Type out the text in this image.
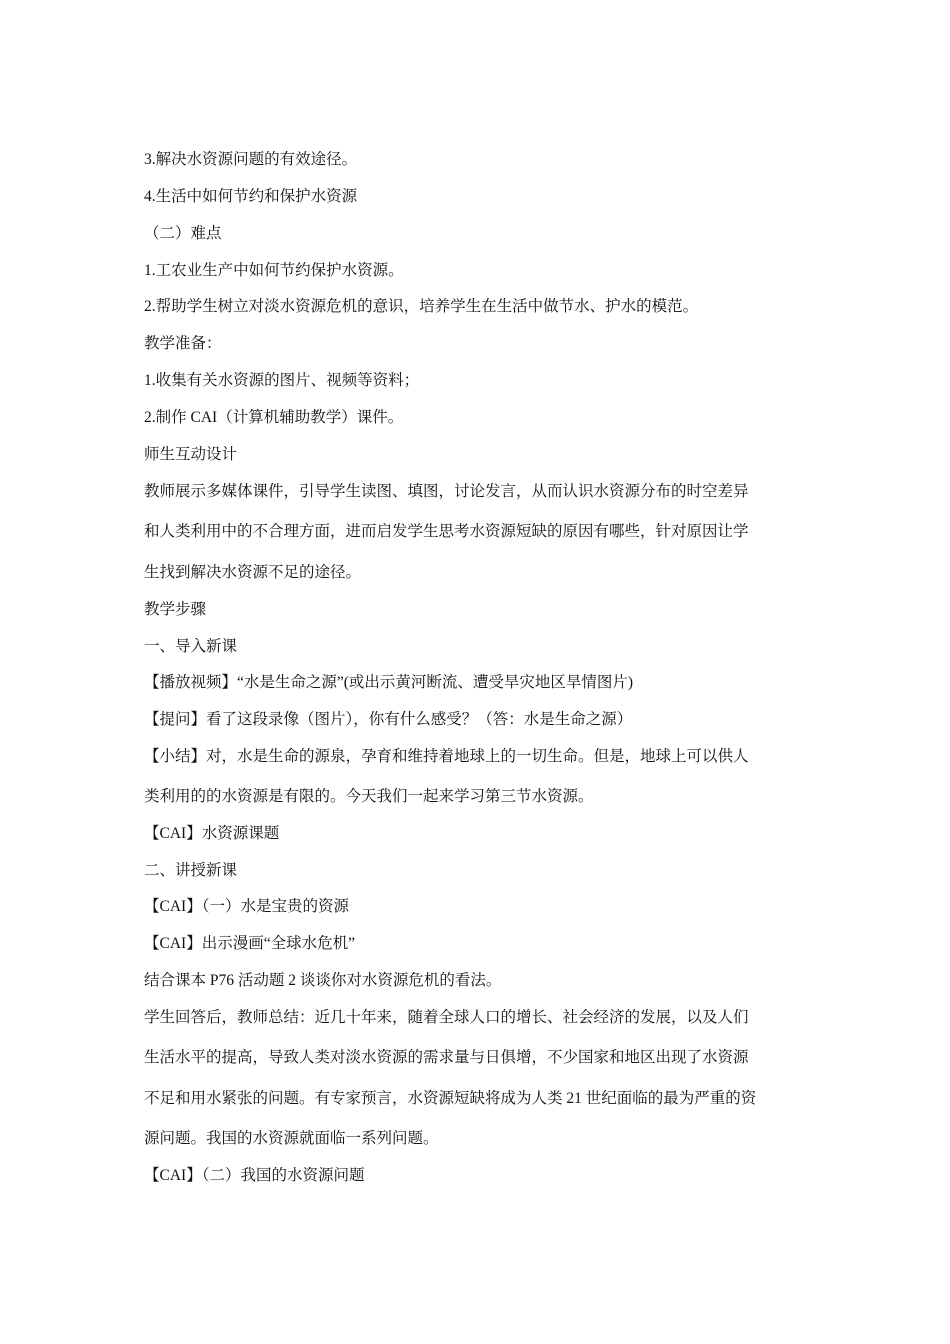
3.解决水资源问题的有效途径。
4.生活中如何节约和保护水资源
（二）难点
1.工农业生产中如何节约保护水资源。
2.帮助学生树立对淡水资源危机的意识，培养学生在生活中做节水、护水的模范。
教学准备：
1.收集有关水资源的图片、视频等资料；
2.制作 CAI（计算机辅助教学）课件。
师生互动设计
教师展示多媒体课件，引导学生读图、填图，讨论发言，从而认识水资源分布的时空差异
和人类利用中的不合理方面，进而启发学生思考水资源短缺的原因有哪些，针对原因让学
生找到解决水资源不足的途径。
教学步骤
一、导入新课
【播放视频】“水是生命之源”(或出示黄河断流、遭受旱灾地区旱情图片)
【提问】看了这段录像（图片），你有什么感受？（答：水是生命之源）
【小结】对，水是生命的源泉，孕育和维持着地球上的一切生命。但是，地球上可以供人
类利用的的水资源是有限的。今天我们一起来学习第三节水资源。
【CAI】水资源课题
二、讲授新课
【CAI】（一）水是宝贵的资源
【CAI】出示漫画“全球水危机”
结合课本 P76 活动题 2 谈谈你对水资源危机的看法。
学生回答后，教师总结：近几十年来，随着全球人口的增长、社会经济的发展，以及人们
生活水平的提高，导致人类对淡水资源的需求量与日俱增，不少国家和地区出现了水资源
不足和用水紧张的问题。有专家预言，水资源短缺将成为人类 21 世纪面临的最为严重的资
源问题。我国的水资源就面临一系列问题。
【CAI】（二）我国的水资源问题
